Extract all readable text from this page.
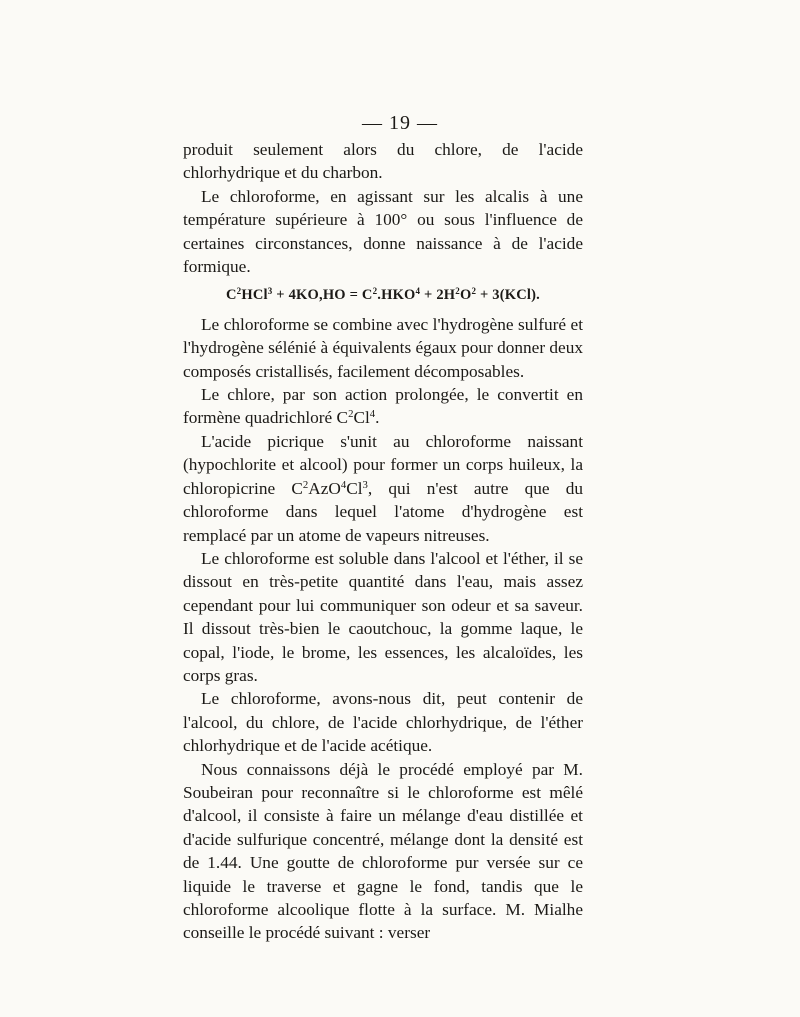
— 19 —

produit seulement alors du chlore, de l'acide chlorhydrique et du charbon.

Le chloroforme, en agissant sur les alcalis à une température supérieure à 100° ou sous l'influence de certaines circonstances, donne naissance à de l'acide formique.

$C^2HCl^3 + 4KO,HO = C^2.HKO^4 + 2H^2O^2 + 3(KCl)$.

Le chloroforme se combine avec l'hydrogène sulfuré et l'hydrogène sélénié à équivalents égaux pour donner deux composés cristallisés, facilement décomposables.

Le chlore, par son action prolongée, le convertit en formène quadrichloré $C^2Cl^4$.

L'acide picrique s'unit au chloroforme naissant (hypochlorite et alcool) pour former un corps huileux, la chloropicrine $C^2AzO^4Cl^3$, qui n'est autre que du chloroforme dans lequel l'atome d'hydrogène est remplacé par un atome de vapeurs nitreuses.

Le chloroforme est soluble dans l'alcool et l'éther, il se dissout en très-petite quantité dans l'eau, mais assez cependant pour lui communiquer son odeur et sa saveur. Il dissout très-bien le caoutchouc, la gomme laque, le copal, l'iode, le brome, les essences, les alcaloïdes, les corps gras.

Le chloroforme, avons-nous dit, peut contenir de l'alcool, du chlore, de l'acide chlorhydrique, de l'éther chlorhydrique et de l'acide acétique.

Nous connaissons déjà le procédé employé par M. Soubeiran pour reconnaître si le chloroforme est mêlé d'alcool, il consiste à faire un mélange d'eau distillée et d'acide sulfurique concentré, mélange dont la densité est de 1.44. Une goutte de chloroforme pur versée sur ce liquide le traverse et gagne le fond, tandis que le chloroforme alcoolique flotte à la surface. M. Mialhe conseille le procédé suivant : verser
